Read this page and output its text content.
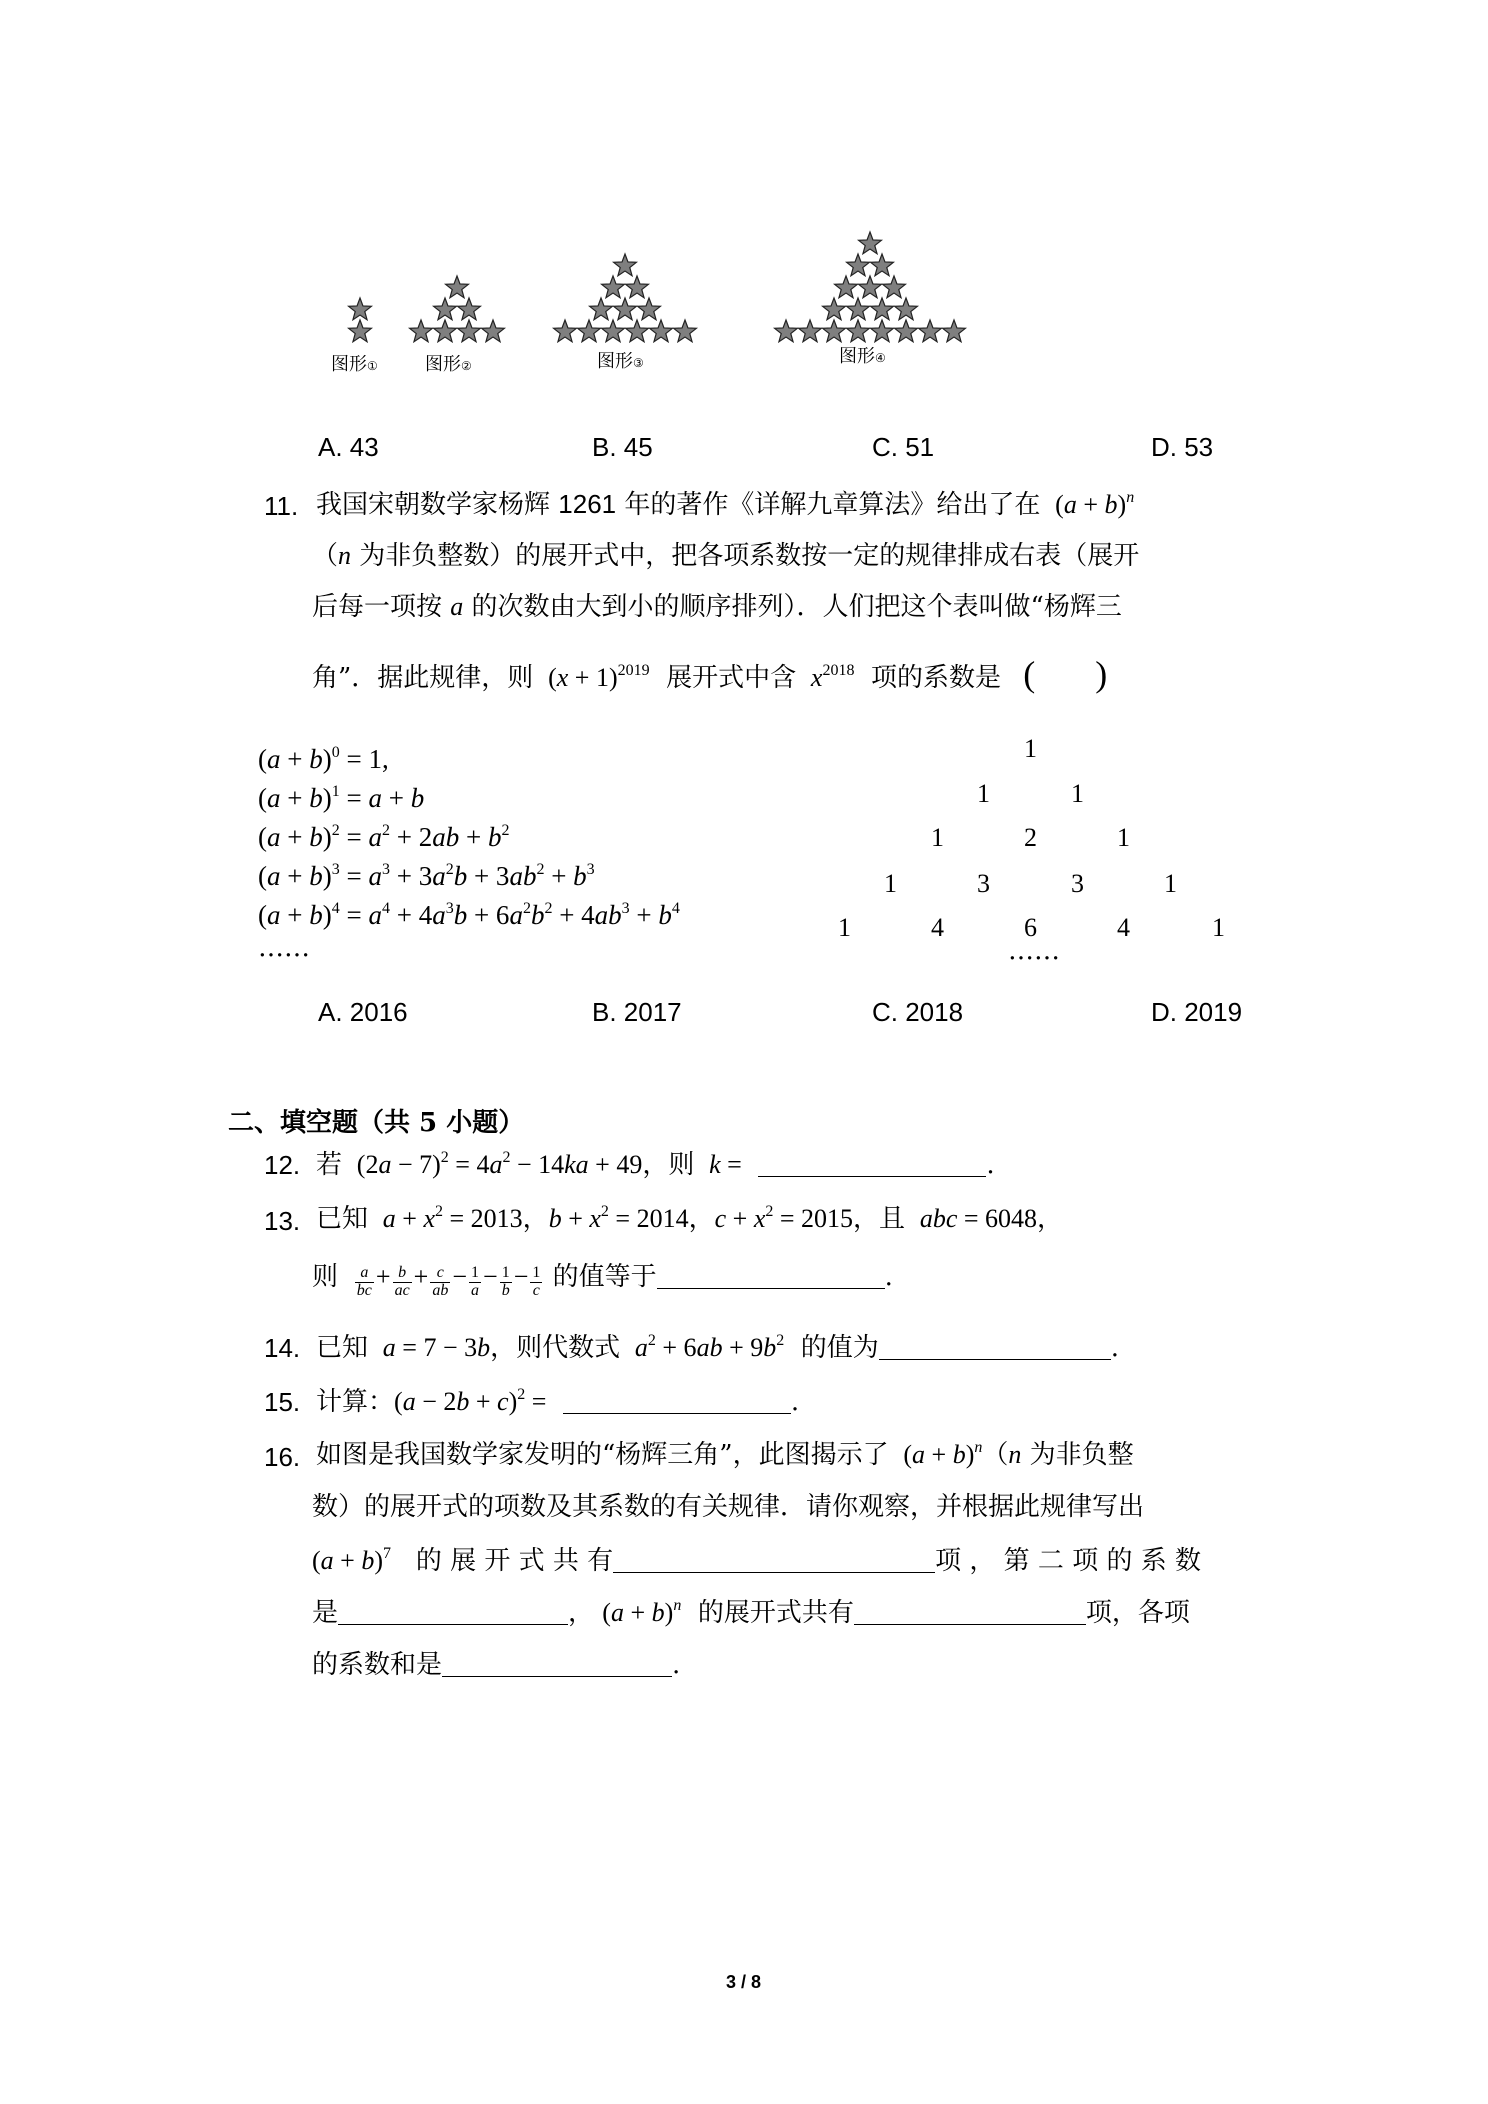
图形①	图形②	图形③	图形④
A. 43	B. 45	C. 51	D. 53
11. 我国宋朝数学家杨辉 1261 年的著作《详解九章算法》给出了在 $(a + b)^n$
（n 为非负整数）的展开式中，把各项系数按一定的规律排成右表（展开
后每一项按 a 的次数由大到小的顺序排列）．人们把这个表叫做“杨辉三
角”．据此规律，则 $(x + 1)^{2019}$ 展开式中含  $x^{2018}$ 项的系数是 ( )
$(a + b)^0 = 1$,
$(a + b)^1 = a + b$
$(a + b)^2 = a^2 + 2ab + b^2$
$(a + b)^3 = a^3 + 3a^2b + 3ab^2 + b^3$
$(a + b)^4 = a^4 + 4a^3b + 6a^2b^2 + 4ab^3 + b^4$
……
1
1	1
1	2	1
1	3	3	1
1	4	6	4	1
……
A. 2016	B. 2017	C. 2018	D. 2019
二、填空题（共 5 小题）
12. 若 $(2a - 7)^2 = 4a^2 - 14ka + 49$，则  k =	.
13. 已知  $a + x^2 = 2013$，$b + x^2 = 2014$，$c + x^2 = 2015$，且  abc = 6048，
则 $\frac{a}{bc} + \frac{b}{ac} + \frac{c}{ab} - \frac{1}{a} - \frac{1}{b} - \frac{1}{c}$ 的值等于	.
14. 已知  a = 7 − 3b，则代数式  $a^2 + 6ab + 9b^2$ 的值为	.
15. 计算：$(a - 2b + c)^2$ =	.
16. 如图是我国数学家发明的“杨辉三角”，此图揭示了 $(a + b)^n(n$ 为非负整
数）的展开式的项数及其系数的有关规律．请你观察，并根据此规律写出
$(a + b)^7$ 的 展 开 式 共 有	项 ， 第 二 项 的 系 数
是	， $(a + b)^n$ 的展开式共有	项，各项
的系数和是	.
3 / 8
